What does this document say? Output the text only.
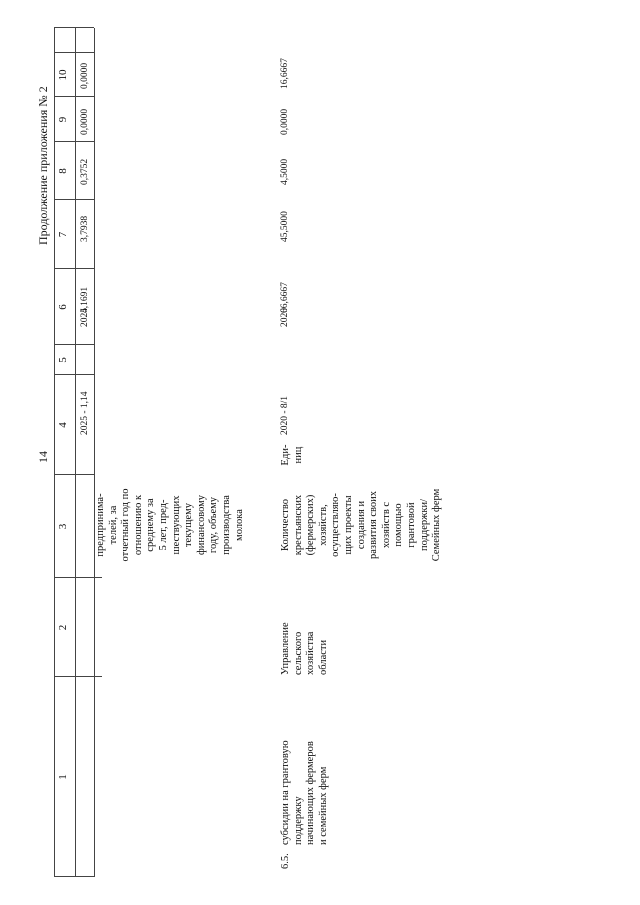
14
Продолжение приложения № 2
1
2
3
4
5
6
7
8
9
10
предпринима- телей, за отчетный год по отношению к среднему за 5 лет, пред- шествующих текущему финансовому году, объему производства молока
2025 - 1,14
2025
4,1691
3,7938
0,3752
0,0000
0,0000
6.5.
субсидии на грантовую поддержку начинающих фермеров и семейных ферм
Управление сельского хозяйства области
Количество крестьянских (фермерских) хозяйств, осуществляю- щих проекты создания и развития своих хозяйств с помощью грантовой поддержки/ Семейных ферм
Еди- ниц
2020 - 8/1
2020
66,6667
45,5000
4,5000
0,0000
16,6667
